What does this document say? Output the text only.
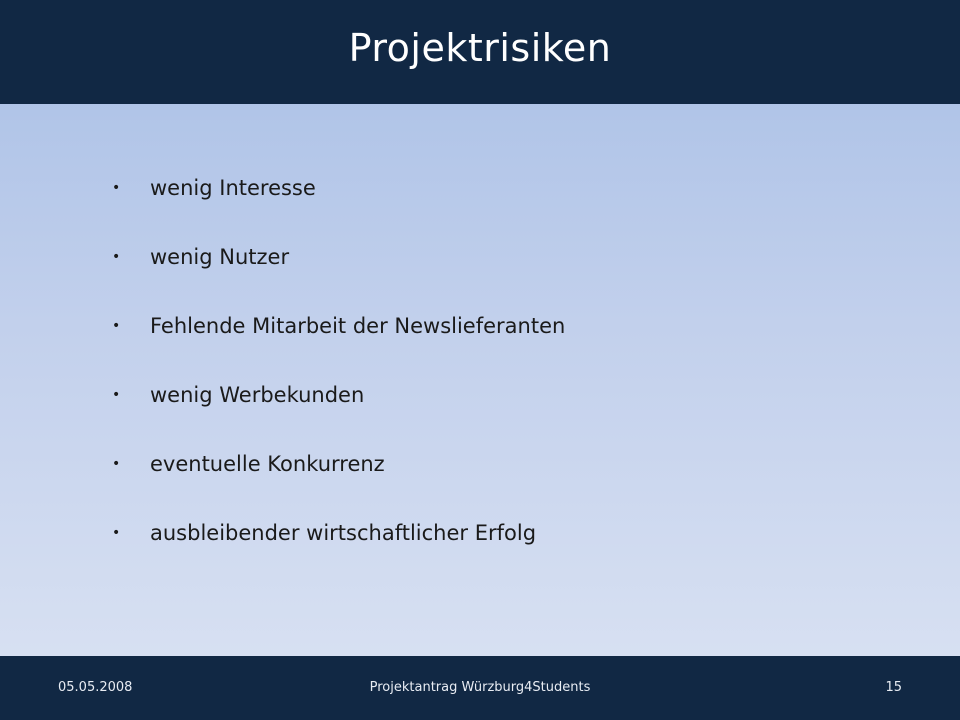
Projektrisiken
•	wenig Interesse
•	wenig Nutzer
•	Fehlende Mitarbeit der Newslieferanten
•	wenig Werbekunden
•	eventuelle Konkurrenz
•	ausbleibender wirtschaftlicher Erfolg
05.05.2008	Projektantrag Würzburg4Students	15
